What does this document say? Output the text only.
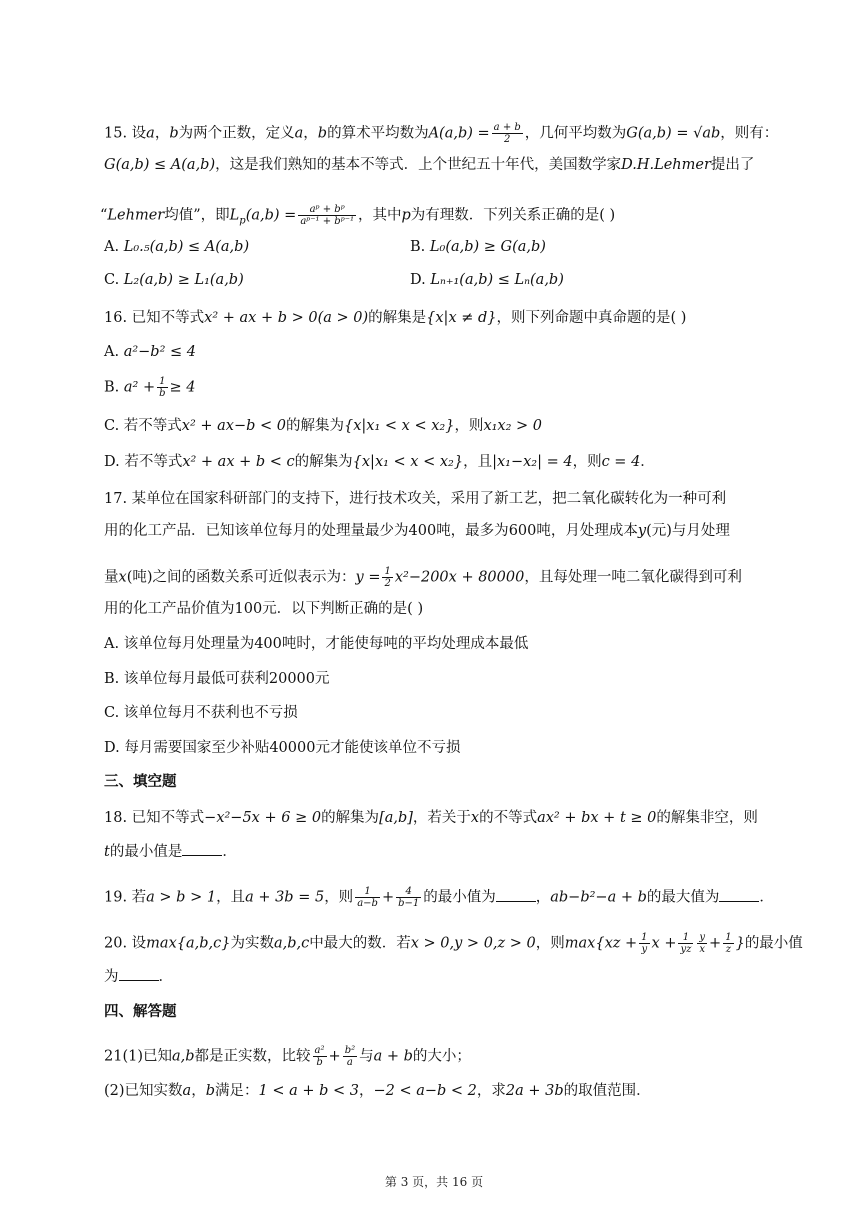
15. 设a，b为两个正数，定义a，b的算术平均数为$A(a,b) = \frac{a + b}{2}$ ，几何平均数为G(a,b) = √ab，则有：
G(a,b) ≤ A(a,b)，这是我们熟知的基本不等式．上个世纪五十年代，美国数学家D.H.Lehmer提出了
“Lehmer均值”，即$L_p(a,b) = \frac{\text{aᵖ + bᵖ}}{\text{aᵖ⁻¹ + bᵖ⁻¹}}$ ，其中p为有理数．下列关系正确的是( )
A. L₀.₅(a,b) ≤ A(a,b)	B. L₀(a,b) ≥ G(a,b)
C. L₂(a,b) ≥ L₁(a,b)	D. Lₙ₊₁(a,b) ≤ Lₙ(a,b)
16. 已知不等式x² + ax + b > 0(a > 0)的解集是{x|x ≠ d}，则下列命题中真命题的是( )
A. a²−b² ≤ 4
B. $a^2 + \frac{1}{b} \ge 4$
C. 若不等式x² + ax−b < 0的解集为{x|x₁ < x < x₂}，则x₁x₂ > 0
D. 若不等式x² + ax + b < c的解集为{x|x₁ < x < x₂}，且|x₁−x₂| = 4，则c = 4．
17. 某单位在国家科研部门的支持下，进行技术攻关，采用了新工艺，把二氧化碳转化为一种可利
用的化工产品．已知该单位每月的处理量最少为400吨，最多为600吨，月处理成本y(元)与月处理
量x(吨)之间的函数关系可近似表示为：$y = \frac{1}{2} x^2-200x + 80000$，且每处理一吨二氧化碳得到可利
用的化工产品价值为100元．以下判断正确的是( )
A. 该单位每月处理量为400吨时，才能使每吨的平均处理成本最低
B. 该单位每月最低可获利20000元
C. 该单位每月不获利也不亏损
D. 每月需要国家至少补贴40000元才能使该单位不亏损
三、填空题
18. 已知不等式−x²−5x + 6 ≥ 0的解集为[a,b]，若关于x的不等式ax² + bx + t ≥ 0的解集非空，则
t的最小值是	．
19. 若a > b > 1，且a + 3b = 5，则 $\frac{1}{a-b} + \frac{4}{b-1}$ 的最小值为	，ab−b²−a + b的最大值为	．
20. 设max{a,b,c}为实数a,b,c中最大的数．若x > 0,y > 0,z > 0，则$\max\{xz + \frac{1}{y}$ $x + \frac{1}{yz} \frac{y}{x} + \frac{1}{z}$ }的最小值
为	．
四、解答题
21(1)已知a,b都是正实数，比较 $\frac{\text{a²}}{b} + \frac{\text{b²}}{a}$ 与a + b的大小；
(2)已知实数a，b满足：1 < a + b < 3，−2 < a−b < 2，求2a + 3b的取值范围．
第 3 页，共 16 页
